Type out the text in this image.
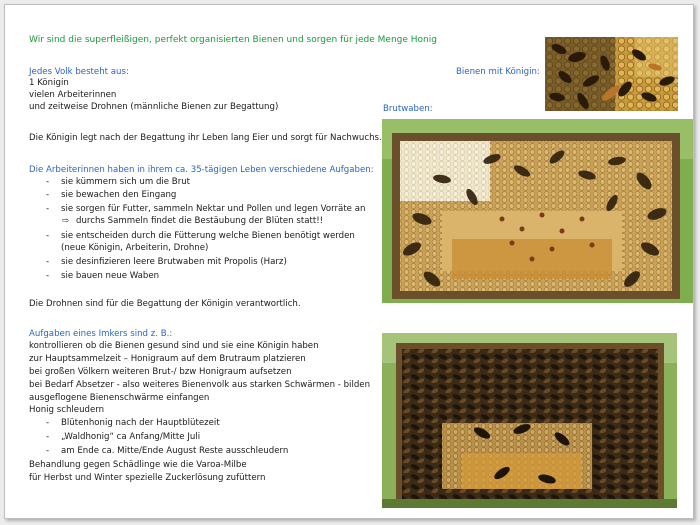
Wir sind die superfleißigen, perfekt organisierten Bienen und sorgen für jede Menge Honig
Jedes Volk besteht aus:
1 Königin
vielen Arbeiterinnen
und zeitweise Drohnen (männliche Bienen zur Begattung)
Die Königin legt nach der Begattung ihr Leben lang Eier und sorgt für Nachwuchs.
Die Arbeiterinnen haben in ihrem ca. 35-tägigen Leben verschiedene Aufgaben:
- sie kümmern sich um die Brut
- sie bewachen den Eingang
- sie sorgen für Futter, sammeln Nektar und Pollen und legen Vorräte an
⇨ durchs Sammeln findet die Bestäubung der Blüten statt!!
- sie entscheiden durch die Fütterung welche Bienen benötigt werden
(neue Königin, Arbeiterin, Drohne)
- sie desinfizieren leere Brutwaben mit Propolis (Harz)
- sie bauen neue Waben
Die Drohnen sind für die Begattung der Königin verantwortlich.
Aufgaben eines Imkers sind z. B.:
kontrollieren ob die Bienen gesund sind und sie eine Königin haben
zur Hauptsammelzeit – Honigraum auf dem Brutraum platzieren
bei großen Völkern weiteren Brut-/ bzw Honigraum aufsetzen
bei Bedarf Absetzer - also weiteres Bienenvolk aus starken Schwärmen - bilden
ausgeflogene Bienenschwärme einfangen
Honig schleudern
- Blütenhonig nach der Hauptblütezeit
- „Waldhonig“ ca Anfang/Mitte Juli
- am Ende ca. Mitte/Ende August Reste ausschleudern
Behandlung gegen Schädlinge wie die Varoa-Milbe
für Herbst und Winter spezielle Zuckerlösung zufüttern
Bienen mit Königin:
Brutwaben:
